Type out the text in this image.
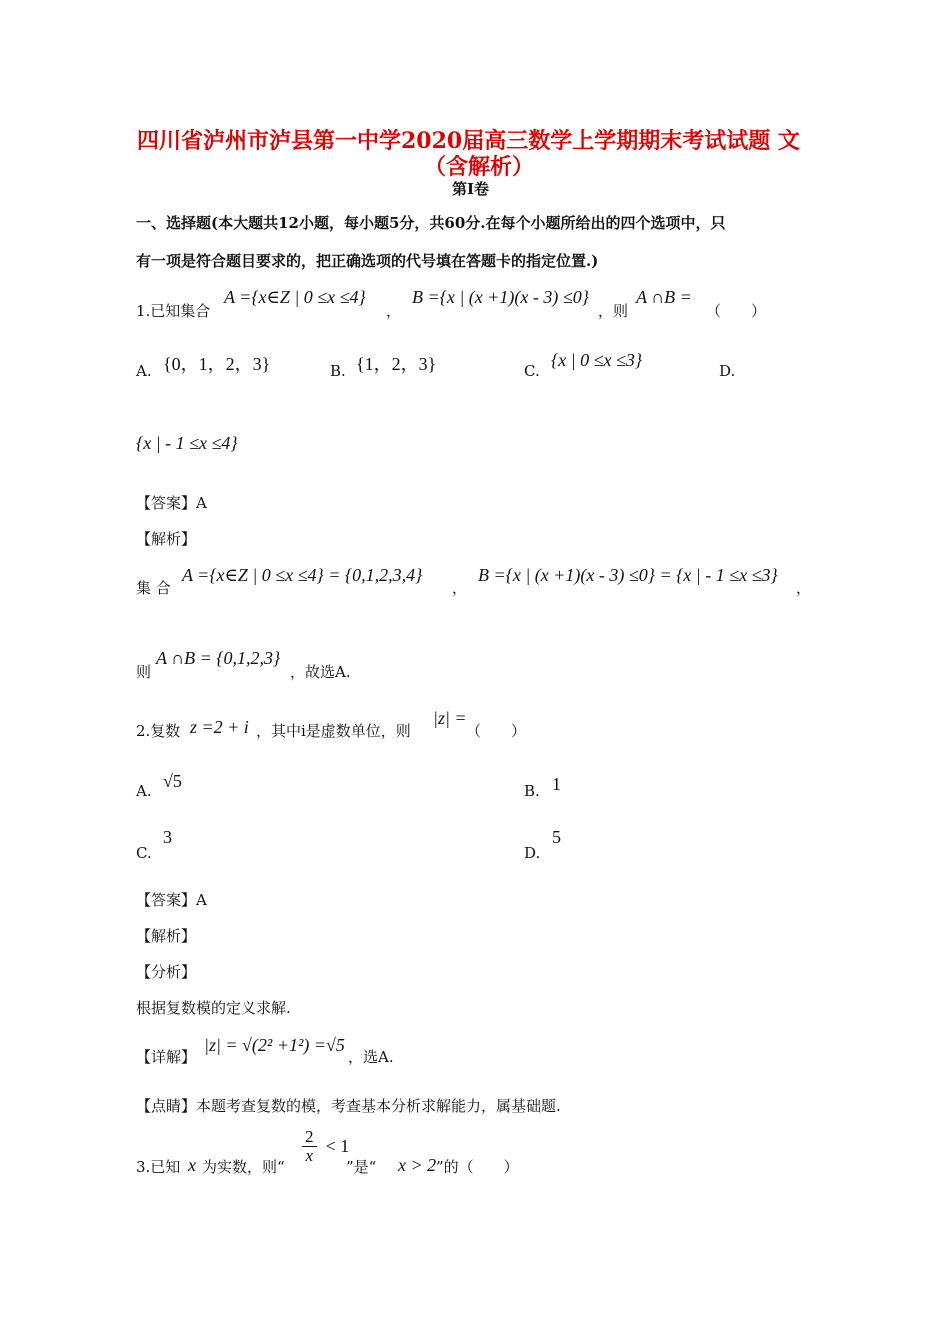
四川省泸州市泸县第一中学2020届高三数学上学期期末考试试题 文
（含解析）
第Ⅰ卷
一、选择题(本大题共12小题，每小题5分，共60分.在每个小题所给出的四个选项中，只
有一项是符合题目要求的，把正确选项的代号填在答题卡的指定位置.)
1.已知集合
A ={x∈Z | 0 ≤x ≤4}
，
B ={x | (x +1)(x - 3) ≤0}
，则
A ∩B =
（　　）
A. {0，1，2，3}	B. {1，2，3}	C.
{x | 0 ≤x ≤3}
D.
{x | - 1 ≤x ≤4}
【答案】A
【解析】
集 合
A ={x∈Z | 0 ≤x ≤4} = {0,1,2,3,4}
，
B ={x | (x +1)(x - 3) ≤0} = {x | - 1 ≤x ≤3}
，
则
A ∩B = {0,1,2,3}
，故选A.
2.复数 z =2 + i ，其中i是虚数单位，则
|z| =
（　　）
A. √5	B. 1
C.
3
D.
5
【答案】A
【解析】
【分析】
根据复数模的定义求解.
【详解】
|z| = √(2² +1²) =√5
，选A.
【点睛】本题考查复数的模，考查基本分析求解能力，属基础题.
3.已知 x 为实数，则“
$\frac{2}{x} < 1$
”是“ x > 2 ”的（　　）
